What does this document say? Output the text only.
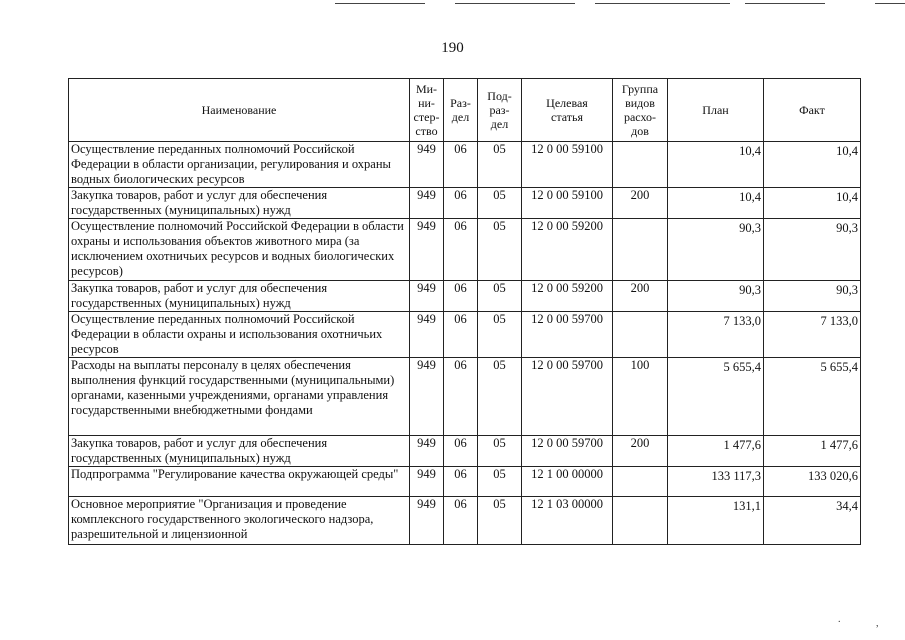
190
Наименование	Ми-
ни-
стер-
ство	Раз-
дел	Под-
раз-
дел	Целевая
статья	Группа
видов
расхо-
дов	План	Факт
Осуществление переданных полномочий Российской Федерации в области организации, регулирования и охраны водных биологических ресурсов	949	06	05	12 0 00 59100		10,4	10,4
Закупка товаров, работ и услуг для обеспечения государственных (муниципальных) нужд	949	06	05	12 0 00 59100	200	10,4	10,4
Осуществление полномочий Российской Федерации в области охраны и использования объектов животного мира (за исключением охотничьих ресурсов и водных биологических ресурсов)	949	06	05	12 0 00 59200		90,3	90,3
Закупка товаров, работ и услуг для обеспечения государственных (муниципальных) нужд	949	06	05	12 0 00 59200	200	90,3	90,3
Осуществление переданных полномочий Российской Федерации в области охраны и использования охотничьих ресурсов	949	06	05	12 0 00 59700		7 133,0	7 133,0
Расходы на выплаты персоналу в целях обеспечения выполнения функций государственными (муниципальными) органами, казенными учреждениями, органами управления государственными внебюджетными фондами	949	06	05	12 0 00 59700	100	5 655,4	5 655,4
Закупка товаров, работ и услуг для обеспечения государственных (муниципальных) нужд	949	06	05	12 0 00 59700	200	1 477,6	1 477,6
Подпрограмма "Регулирование качества окружающей среды"	949	06	05	12 1 00 00000		133 117,3	133 020,6
Основное мероприятие "Организация и проведение комплексного государственного экологического надзора, разрешительной и лицензионной	949	06	05	12 1 03 00000		131,1	34,4
.	,
